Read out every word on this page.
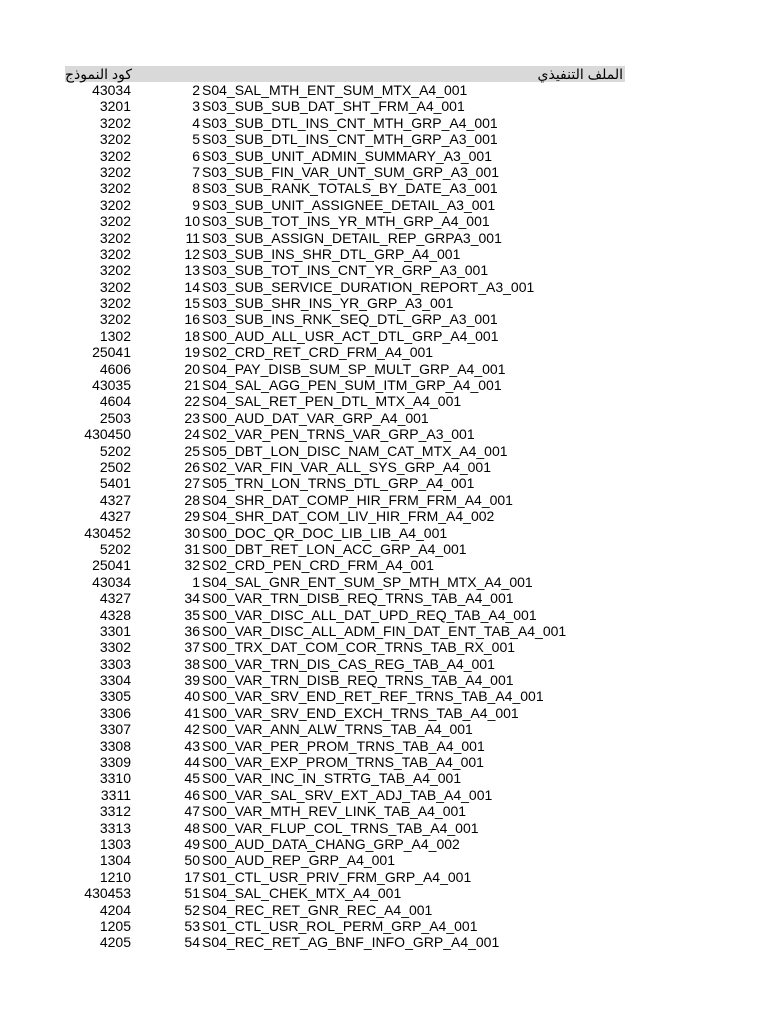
كود النموذج	الملف التنفيذي
43034	2 S04_SAL_MTH_ENT_SUM_MTX_A4_001
3201	3 S03_SUB_SUB_DAT_SHT_FRM_A4_001
3202	4 S03_SUB_DTL_INS_CNT_MTH_GRP_A4_001
3202	5 S03_SUB_DTL_INS_CNT_MTH_GRP_A3_001
3202	6 S03_SUB_UNIT_ADMIN_SUMMARY_A3_001
3202	7 S03_SUB_FIN_VAR_UNT_SUM_GRP_A3_001
3202	8 S03_SUB_RANK_TOTALS_BY_DATE_A3_001
3202	9 S03_SUB_UNIT_ASSIGNEE_DETAIL_A3_001
3202	10 S03_SUB_TOT_INS_YR_MTH_GRP_A4_001
3202	11 S03_SUB_ASSIGN_DETAIL_REP_GRPA3_001
3202	12 S03_SUB_INS_SHR_DTL_GRP_A4_001
3202	13 S03_SUB_TOT_INS_CNT_YR_GRP_A3_001
3202	14 S03_SUB_SERVICE_DURATION_REPORT_A3_001
3202	15 S03_SUB_SHR_INS_YR_GRP_A3_001
3202	16 S03_SUB_INS_RNK_SEQ_DTL_GRP_A3_001
1302	18 S00_AUD_ALL_USR_ACT_DTL_GRP_A4_001
25041	19 S02_CRD_RET_CRD_FRM_A4_001
4606	20 S04_PAY_DISB_SUM_SP_MULT_GRP_A4_001
43035	21 S04_SAL_AGG_PEN_SUM_ITM_GRP_A4_001
4604	22 S04_SAL_RET_PEN_DTL_MTX_A4_001
2503	23 S00_AUD_DAT_VAR_GRP_A4_001
430450	24 S02_VAR_PEN_TRNS_VAR_GRP_A3_001
5202	25 S05_DBT_LON_DISC_NAM_CAT_MTX_A4_001
2502	26 S02_VAR_FIN_VAR_ALL_SYS_GRP_A4_001
5401	27 S05_TRN_LON_TRNS_DTL_GRP_A4_001
4327	28 S04_SHR_DAT_COMP_HIR_FRM_FRM_A4_001
4327	29 S04_SHR_DAT_COM_LIV_HIR_FRM_A4_002
430452	30 S00_DOC_QR_DOC_LIB_LIB_A4_001
5202	31 S00_DBT_RET_LON_ACC_GRP_A4_001
25041	32 S02_CRD_PEN_CRD_FRM_A4_001
43034	1 S04_SAL_GNR_ENT_SUM_SP_MTH_MTX_A4_001
4327	34 S00_VAR_TRN_DISB_REQ_TRNS_TAB_A4_001
4328	35 S00_VAR_DISC_ALL_DAT_UPD_REQ_TAB_A4_001
3301	36 S00_VAR_DISC_ALL_ADM_FIN_DAT_ENT_TAB_A4_001
3302	37 S00_TRX_DAT_COM_COR_TRNS_TAB_RX_001
3303	38 S00_VAR_TRN_DIS_CAS_REG_TAB_A4_001
3304	39 S00_VAR_TRN_DISB_REQ_TRNS_TAB_A4_001
3305	40 S00_VAR_SRV_END_RET_REF_TRNS_TAB_A4_001
3306	41 S00_VAR_SRV_END_EXCH_TRNS_TAB_A4_001
3307	42 S00_VAR_ANN_ALW_TRNS_TAB_A4_001
3308	43 S00_VAR_PER_PROM_TRNS_TAB_A4_001
3309	44 S00_VAR_EXP_PROM_TRNS_TAB_A4_001
3310	45 S00_VAR_INC_IN_STRTG_TAB_A4_001
3311	46 S00_VAR_SAL_SRV_EXT_ADJ_TAB_A4_001
3312	47 S00_VAR_MTH_REV_LINK_TAB_A4_001
3313	48 S00_VAR_FLUP_COL_TRNS_TAB_A4_001
1303	49 S00_AUD_DATA_CHANG_GRP_A4_002
1304	50 S00_AUD_REP_GRP_A4_001
1210	17 S01_CTL_USR_PRIV_FRM_GRP_A4_001
430453	51 S04_SAL_CHEK_MTX_A4_001
4204	52 S04_REC_RET_GNR_REC_A4_001
1205	53 S01_CTL_USR_ROL_PERM_GRP_A4_001
4205	54 S04_REC_RET_AG_BNF_INFO_GRP_A4_001
